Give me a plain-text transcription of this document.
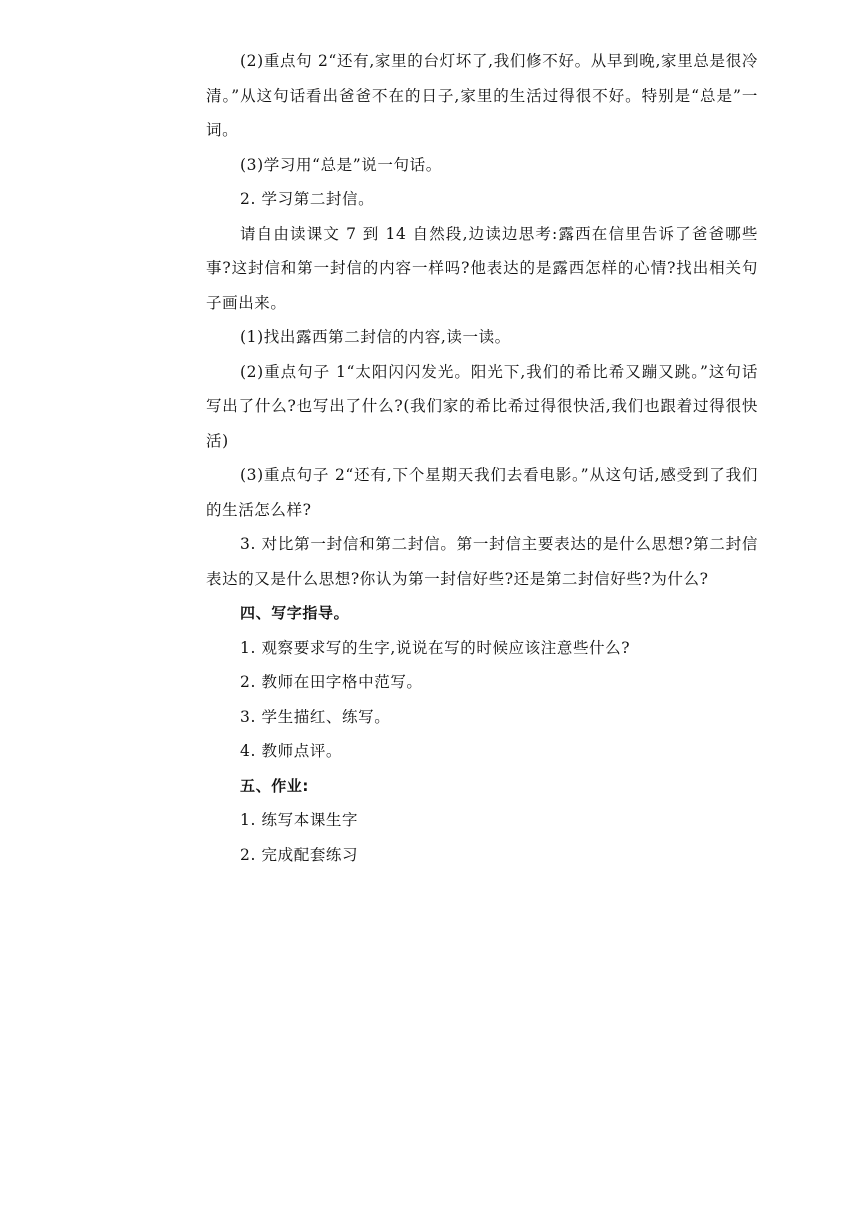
(2)重点句 2“还有,家里的台灯坏了,我们修不好。从早到晚,家里总是很冷清。”从这句话看出爸爸不在的日子,家里的生活过得很不好。特别是“总是”一词。

(3)学习用“总是”说一句话。

2. 学习第二封信。

请自由读课文 7 到 14 自然段,边读边思考:露西在信里告诉了爸爸哪些事?这封信和第一封信的内容一样吗?他表达的是露西怎样的心情?找出相关句子画出来。

(1)找出露西第二封信的内容,读一读。

(2)重点句子 1“太阳闪闪发光。阳光下,我们的希比希又蹦又跳。”这句话写出了什么?也写出了什么?(我们家的希比希过得很快活,我们也跟着过得很快活)

(3)重点句子 2“还有,下个星期天我们去看电影。”从这句话,感受到了我们的生活怎么样?

3. 对比第一封信和第二封信。第一封信主要表达的是什么思想?第二封信表达的又是什么思想?你认为第一封信好些?还是第二封信好些?为什么?

四、写字指导。

1. 观察要求写的生字,说说在写的时候应该注意些什么?

2. 教师在田字格中范写。

3. 学生描红、练写。

4. 教师点评。

五、作业:

1. 练写本课生字

2. 完成配套练习
